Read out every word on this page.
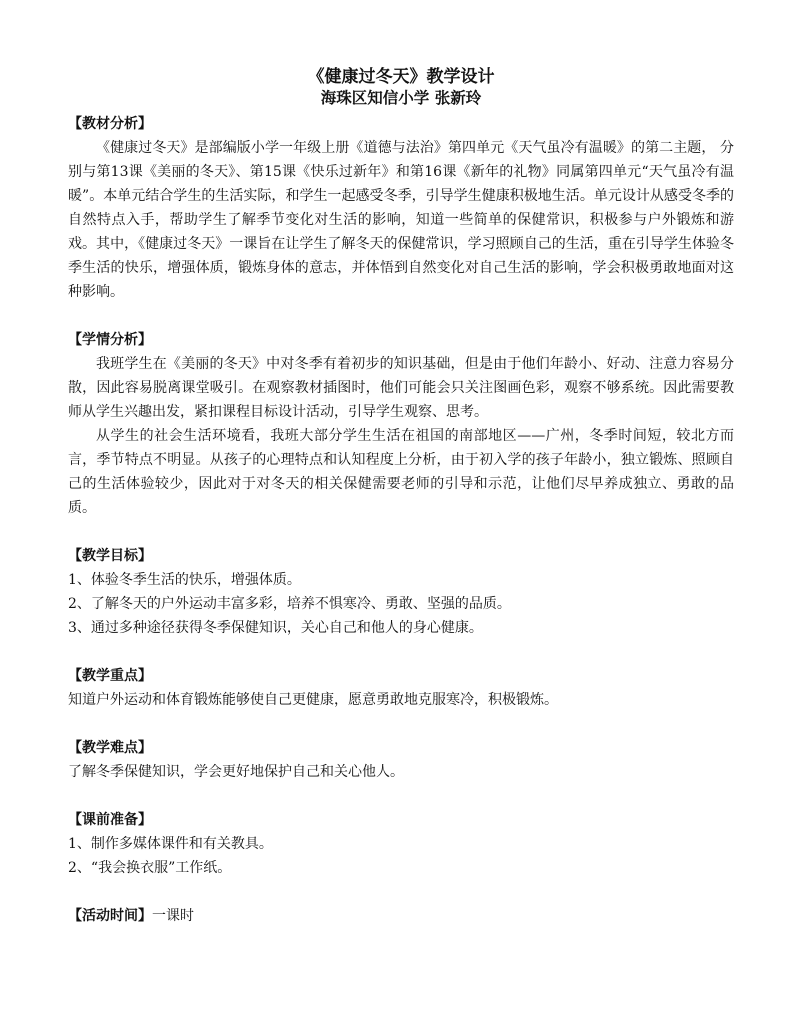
《健康过冬天》教学设计

海珠区知信小学 张新玲

【教材分析】

《健康过冬天》是部编版小学一年级上册《道德与法治》第四单元《天气虽冷有温暖》的第二主题， 分别与第13课《美丽的冬天》、第15课《快乐过新年》和第16课《新年的礼物》同属第四单元“天气虽冷有温暖”。本单元结合学生的生活实际，和学生一起感受冬季，引导学生健康积极地生活。单元设计从感受冬季的自然特点入手，帮助学生了解季节变化对生活的影响，知道一些简单的保健常识，积极参与户外锻炼和游戏。其中，《健康过冬天》一课旨在让学生了解冬天的保健常识，学习照顾自己的生活，重在引导学生体验冬季生活的快乐，增强体质，锻炼身体的意志，并体悟到自然变化对自己生活的影响，学会积极勇敢地面对这种影响。

【学情分析】

我班学生在《美丽的冬天》中对冬季有着初步的知识基础，但是由于他们年龄小、好动、注意力容易分散，因此容易脱离课堂吸引。在观察教材插图时，他们可能会只关注图画色彩，观察不够系统。因此需要教师从学生兴趣出发，紧扣课程目标设计活动，引导学生观察、思考。

从学生的社会生活环境看，我班大部分学生生活在祖国的南部地区——广州，冬季时间短，较北方而言，季节特点不明显。从孩子的心理特点和认知程度上分析，由于初入学的孩子年龄小，独立锻炼、照顾自己的生活体验较少，因此对于对冬天的相关保健需要老师的引导和示范，让他们尽早养成独立、勇敢的品质。

【教学目标】

1、体验冬季生活的快乐，增强体质。

2、了解冬天的户外运动丰富多彩，培养不惧寒冷、勇敢、坚强的品质。

3、通过多种途径获得冬季保健知识，关心自己和他人的身心健康。

【教学重点】

知道户外运动和体育锻炼能够使自己更健康，愿意勇敢地克服寒冷，积极锻炼。

【教学难点】

了解冬季保健知识，学会更好地保护自己和关心他人。

【课前准备】

1、制作多媒体课件和有关教具。

2、“我会换衣服”工作纸。

【活动时间】一课时
